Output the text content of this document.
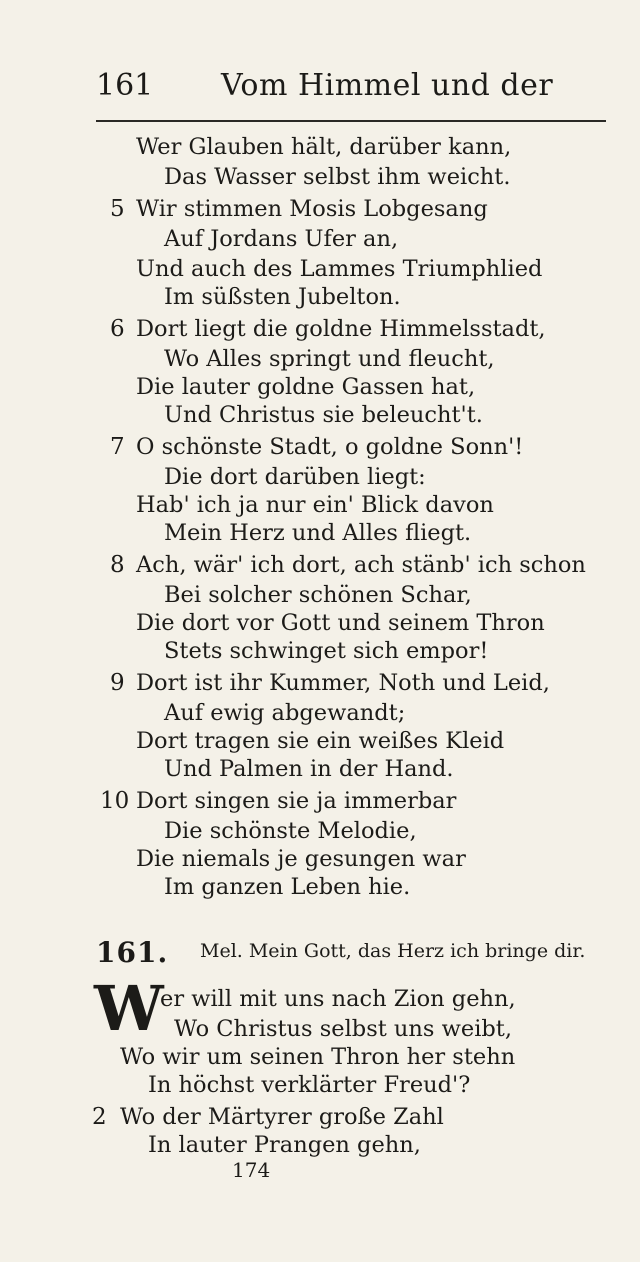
161 Vom Himmel und der
Wer Glauben hält, darüber kann,
Das Wasser selbst ihm weicht.
5 Wir stimmen Mosis Lobgesang
Auf Jordans Ufer an,
Und auch des Lammes Triumphlied
Im süßsten Jubelton.
6 Dort liegt die goldne Himmelsstadt,
Wo Alles springt und fleucht,
Die lauter goldne Gassen hat,
Und Christus sie beleucht't.
7 O schönste Stadt, o goldne Sonn'!
Die dort darüben liegt:
Hab' ich ja nur ein' Blick davon
Mein Herz und Alles fliegt.
8 Ach, wär' ich dort, ach stänb' ich schon
Bei solcher schönen Schar,
Die dort vor Gott und seinem Thron
Stets schwinget sich empor!
9 Dort ist ihr Kummer, Noth und Leid,
Auf ewig abgewandt;
Dort tragen sie ein weißes Kleid
Und Palmen in der Hand.
10 Dort singen sie ja immerbar
Die schönste Melodie,
Die niemals je gesungen war
Im ganzen Leben hie.
161. Mel. Mein Gott, das Herz ich bringe dir.
W
er will mit uns nach Zion gehn,
Wo Christus selbst uns weibt,
Wo wir um seinen Thron her stehn
In höchst verklärter Freud'?
2 Wo der Märtyrer große Zahl
In lauter Prangen gehn,
174
